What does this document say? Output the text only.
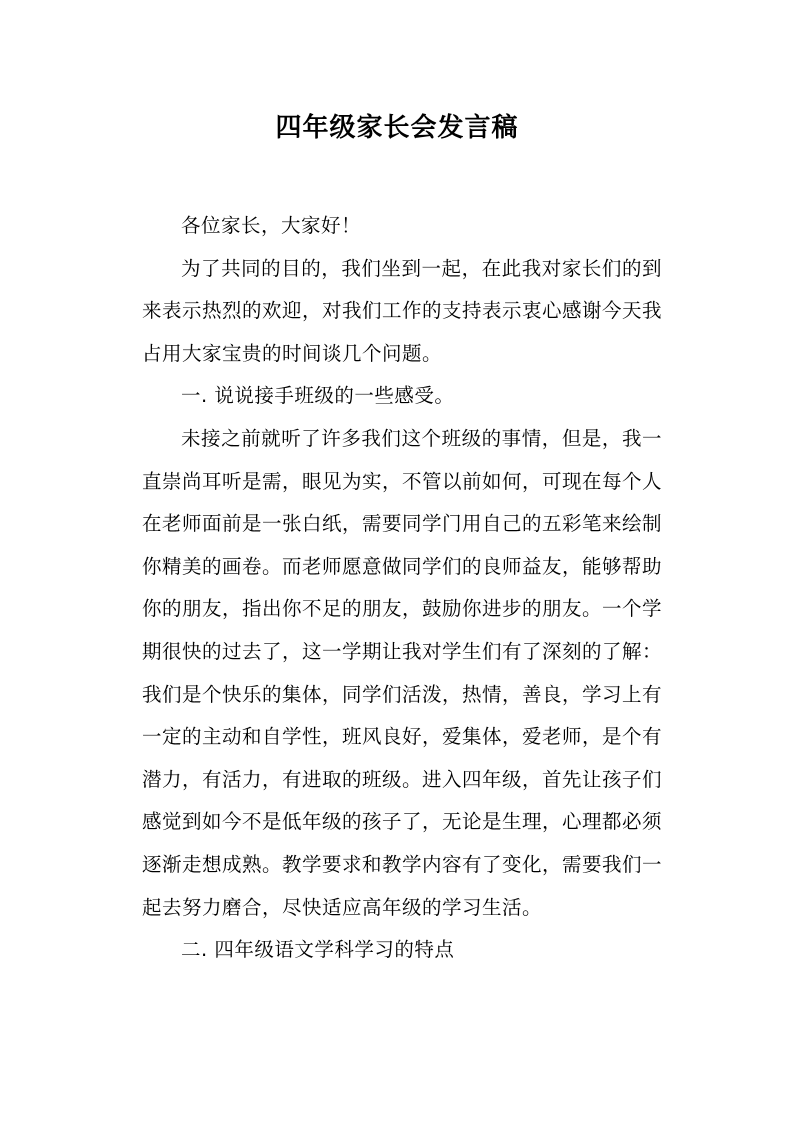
四年级家长会发言稿

各位家长，大家好！

为了共同的目的，我们坐到一起，在此我对家长们的到来表示热烈的欢迎，对我们工作的支持表示衷心感谢今天我占用大家宝贵的时间谈几个问题。

一. 说说接手班级的一些感受。

未接之前就听了许多我们这个班级的事情，但是，我一直崇尚耳听是需，眼见为实，不管以前如何，可现在每个人在老师面前是一张白纸，需要同学门用自己的五彩笔来绘制你精美的画卷。而老师愿意做同学们的良师益友，能够帮助你的朋友，指出你不足的朋友，鼓励你进步的朋友。一个学期很快的过去了，这一学期让我对学生们有了深刻的了解：我们是个快乐的集体，同学们活泼，热情，善良，学习上有一定的主动和自学性，班风良好，爱集体，爱老师，是个有潜力，有活力，有进取的班级。进入四年级，首先让孩子们感觉到如今不是低年级的孩子了，无论是生理，心理都必须逐渐走想成熟。教学要求和教学内容有了变化，需要我们一起去努力磨合，尽快适应高年级的学习生活。

二. 四年级语文学科学习的特点
